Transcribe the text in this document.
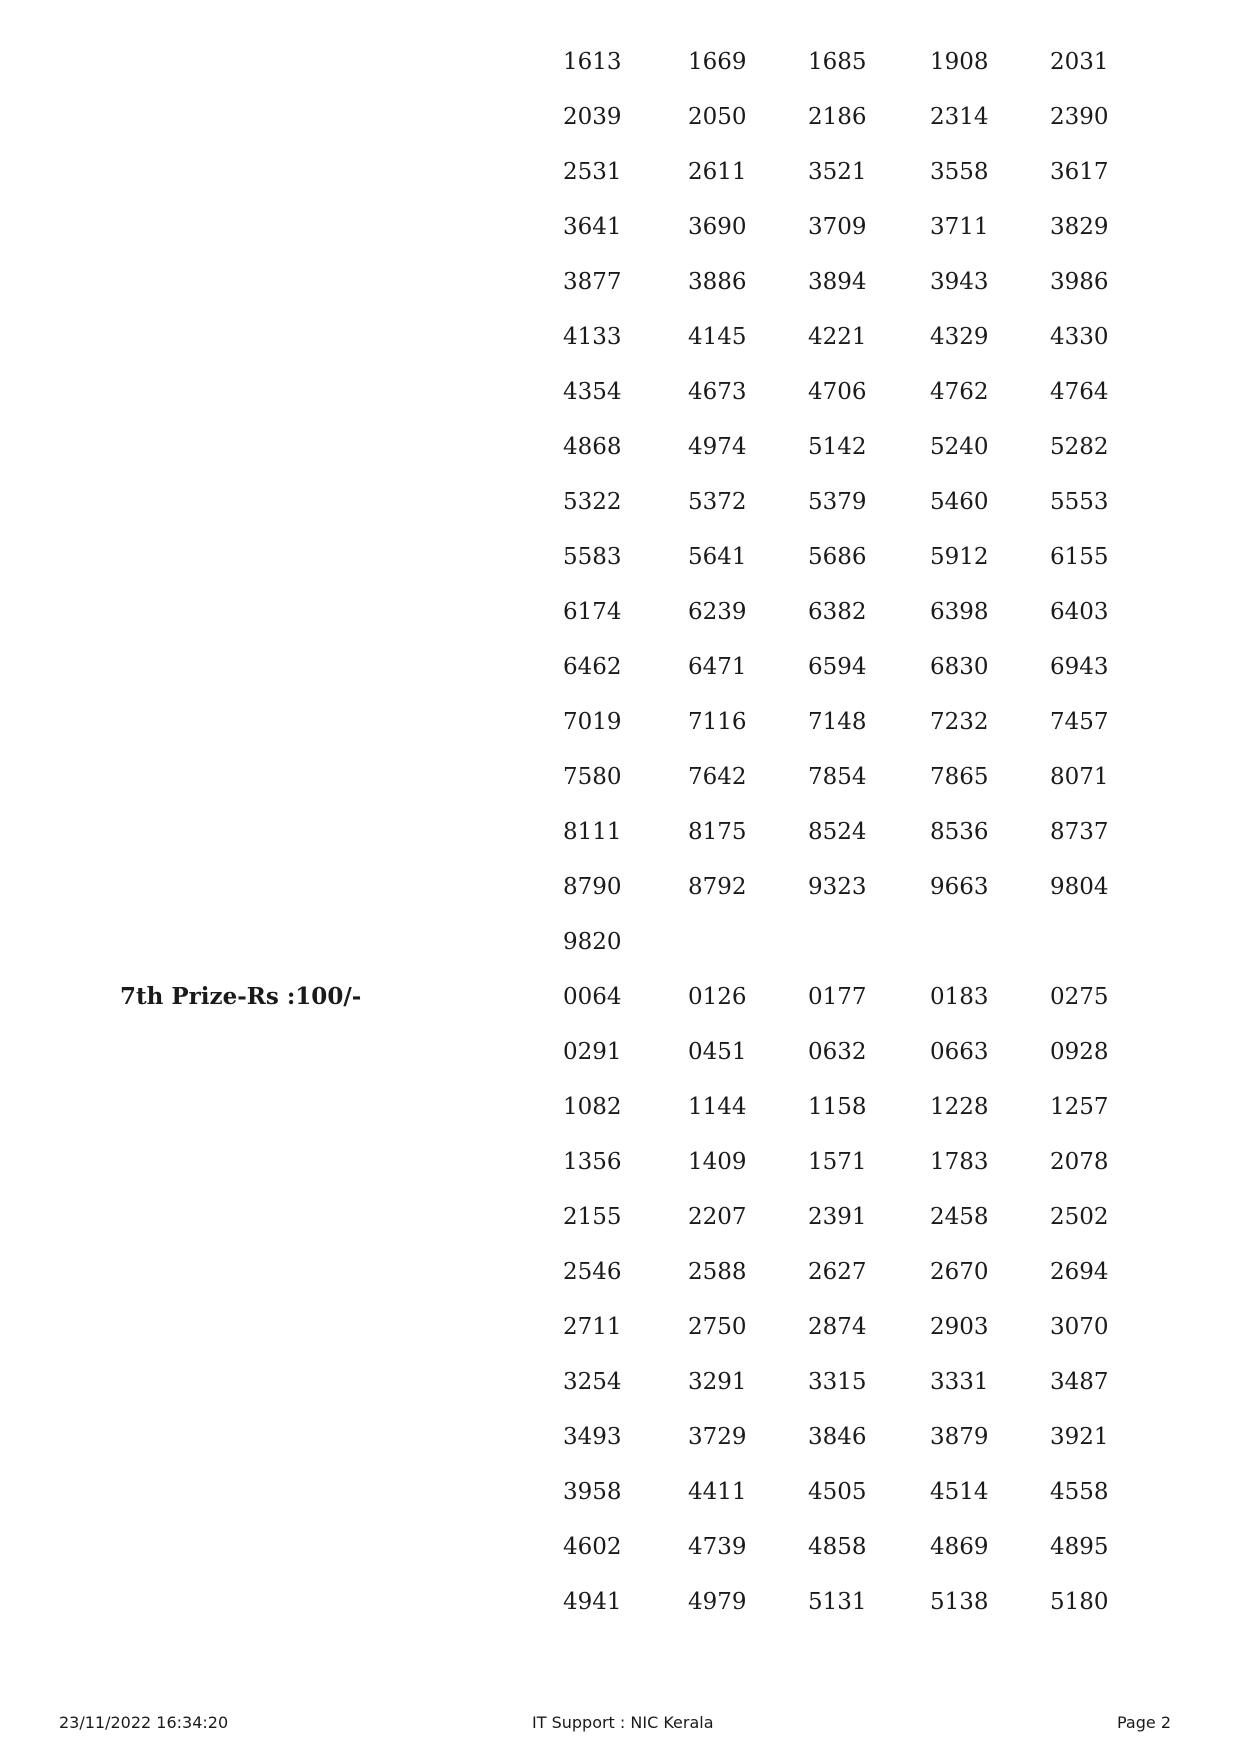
1613	1669	1685	1908	2031
2039	2050	2186	2314	2390
2531	2611	3521	3558	3617
3641	3690	3709	3711	3829
3877	3886	3894	3943	3986
4133	4145	4221	4329	4330
4354	4673	4706	4762	4764
4868	4974	5142	5240	5282
5322	5372	5379	5460	5553
5583	5641	5686	5912	6155
6174	6239	6382	6398	6403
6462	6471	6594	6830	6943
7019	7116	7148	7232	7457
7580	7642	7854	7865	8071
8111	8175	8524	8536	8737
8790	8792	9323	9663	9804
9820
7th Prize-Rs :100/-	0064	0126	0177	0183	0275
0291	0451	0632	0663	0928
1082	1144	1158	1228	1257
1356	1409	1571	1783	2078
2155	2207	2391	2458	2502
2546	2588	2627	2670	2694
2711	2750	2874	2903	3070
3254	3291	3315	3331	3487
3493	3729	3846	3879	3921
3958	4411	4505	4514	4558
4602	4739	4858	4869	4895
4941	4979	5131	5138	5180
23/11/2022 16:34:20	IT Support : NIC Kerala	Page 2
